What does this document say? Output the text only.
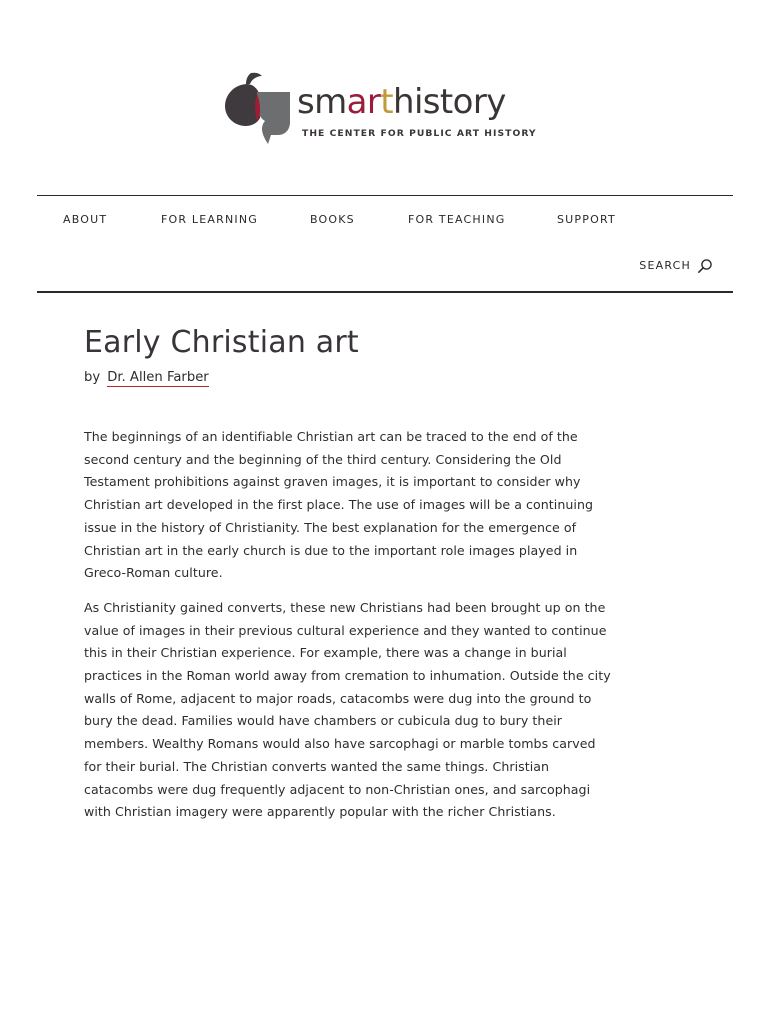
smarthistory
THE CENTER FOR PUBLIC ART HISTORY
ABOUT	FOR LEARNING	BOOKS	FOR TEACHING	SUPPORT
SEARCH
Early Christian art
by Dr. Allen Farber

The beginnings of an identifiable Christian art can be traced to the end of the
second century and the beginning of the third century. Considering the Old
Testament prohibitions against graven images, it is important to consider why
Christian art developed in the first place. The use of images will be a continuing
issue in the history of Christianity. The best explanation for the emergence of
Christian art in the early church is due to the important role images played in
Greco-Roman culture.

As Christianity gained converts, these new Christians had been brought up on the
value of images in their previous cultural experience and they wanted to continue
this in their Christian experience. For example, there was a change in burial
practices in the Roman world away from cremation to inhumation. Outside the city
walls of Rome, adjacent to major roads, catacombs were dug into the ground to
bury the dead. Families would have chambers or cubicula dug to bury their
members. Wealthy Romans would also have sarcophagi or marble tombs carved
for their burial. The Christian converts wanted the same things. Christian
catacombs were dug frequently adjacent to non-Christian ones, and sarcophagi
with Christian imagery were apparently popular with the richer Christians.
